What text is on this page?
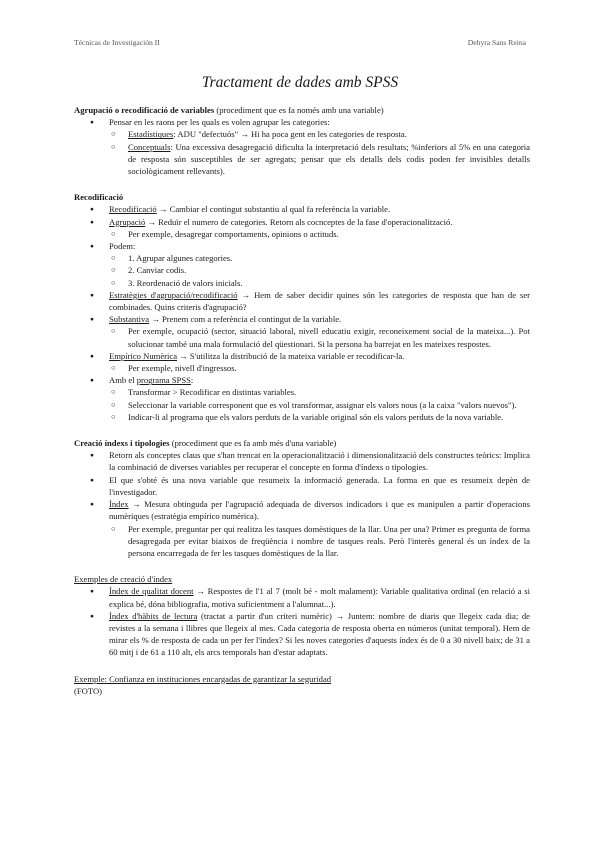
Técnicas de Investigación II	Dehyra Sans Reina
Tractament de dades amb SPSS

Agrupació o recodificació de variables (procediment que es fa només amb una variable)

● Pensar en les raons per les quals es volen agrupar les categories:
○ Estadístiques: ADU "defectuós" → Hi ha poca gent en les categories de resposta.
○ Conceptuals: Una excessiva desagregació dificulta la interpretació dels resultats; %inferiors al 5% en una categoria de resposta són susceptibles de ser agregats; pensar que els detalls dels codis poden fer invisibles detalls sociològicament rellevants).

Recodificació

● Recodificació → Cambiar el contingut substantiu al qual fa referència la variable.
● Agrupació → Reduïr el numero de categories. Retorn als cocnceptes de la fase d'operacionalització.
○ Per exemple, desagregar comportaments, opinions o actituds.
● Podem:
○ 1. Agrupar algunes categories.
○ 2. Canviar codis.
○ 3. Reordenació de valors inicials.
● Estratègies d'agrupació/recodificació → Hem de saber decidir quines són les categories de resposta que han de ser combinades. Quins criteris d'agrupació?
● Substantiva → Prenem com a referència el contingut de la variable.
○ Per exemple, ocupació (sector, situació laboral, nivell educatiu exigir, reconeixement social de la mateixa...). Pot solucionar també una mala formulació del qüestionari. Si la persona ha barrejat en les mateixes respostes.
● Empírico Numèrica → S'utilitza la distribució de la mateixa variable er recodificar-la.
○ Per exemple, nivell d'ingressos.
● Amb el programa SPSS:
○ Transformar > Recodificar en distintas variables.
○ Seleccionar la variable corresponent que es vol transformar, assignar els valors nous (a la caixa "valors nuevos").
○ Indicar-li al programa que els valors perduts de la variable original són els valors perduts de la nova variable.

Creació índexs i tipologies (procediment que es fa amb més d'una variable)

● Retorn als conceptes claus que s'han trencat en la operacionalització i dimensionalització dels constructes teòrics: Implica la combinació de diverses variables per recuperar el concepte en forma d'índexs o tipologies.
● El que s'obté és una nova variable que resumeix la informació generada. La forma en que es resumeix depèn de l'investigador.
● Índex → Mesura obtinguda per l'agrupació adequada de diversos indicadors i que es manipulen a partir d'operacions numèriques (estratègia empírico numèrica).
○ Per exemple, preguntar per qui realitza les tasques domèstiques de la llar. Una per una? Primer es pregunta de forma desagregada per evitar biaixos de freqüència i nombre de tasques reals. Però l'interès general és un índex de la persona encarregada de fer les tasques domèstiques de la llar.

Exemples de creació d'índex

● Índex de qualitat docent → Respostes de l'1 al 7 (molt bé - molt malament): Variable qualitativa ordinal (en relació a si explica bé, dóna bibliografia, motiva suficientment a l'alumnat...).
● Índex d'hàbits de lectura (tractat a partir d'un criteri numèric) → Juntem: nombre de diaris que llegeix cada dia; de revistes a la semana i llibres que llegeix al mes. Cada categoria de resposta oberta en números (unitat temporal). Hem de mirar els % de resposta de cada un per fer l'índex? Si les noves categories d'aquests índex és de 0 a 30 nivell baix; de 31 a 60 mitj i de 61 a 110 alt, els arcs temporals han d'estar adaptats.

Exemple: Confianza en instituciones encargadas de garantizar la seguridad

(FOTO)
